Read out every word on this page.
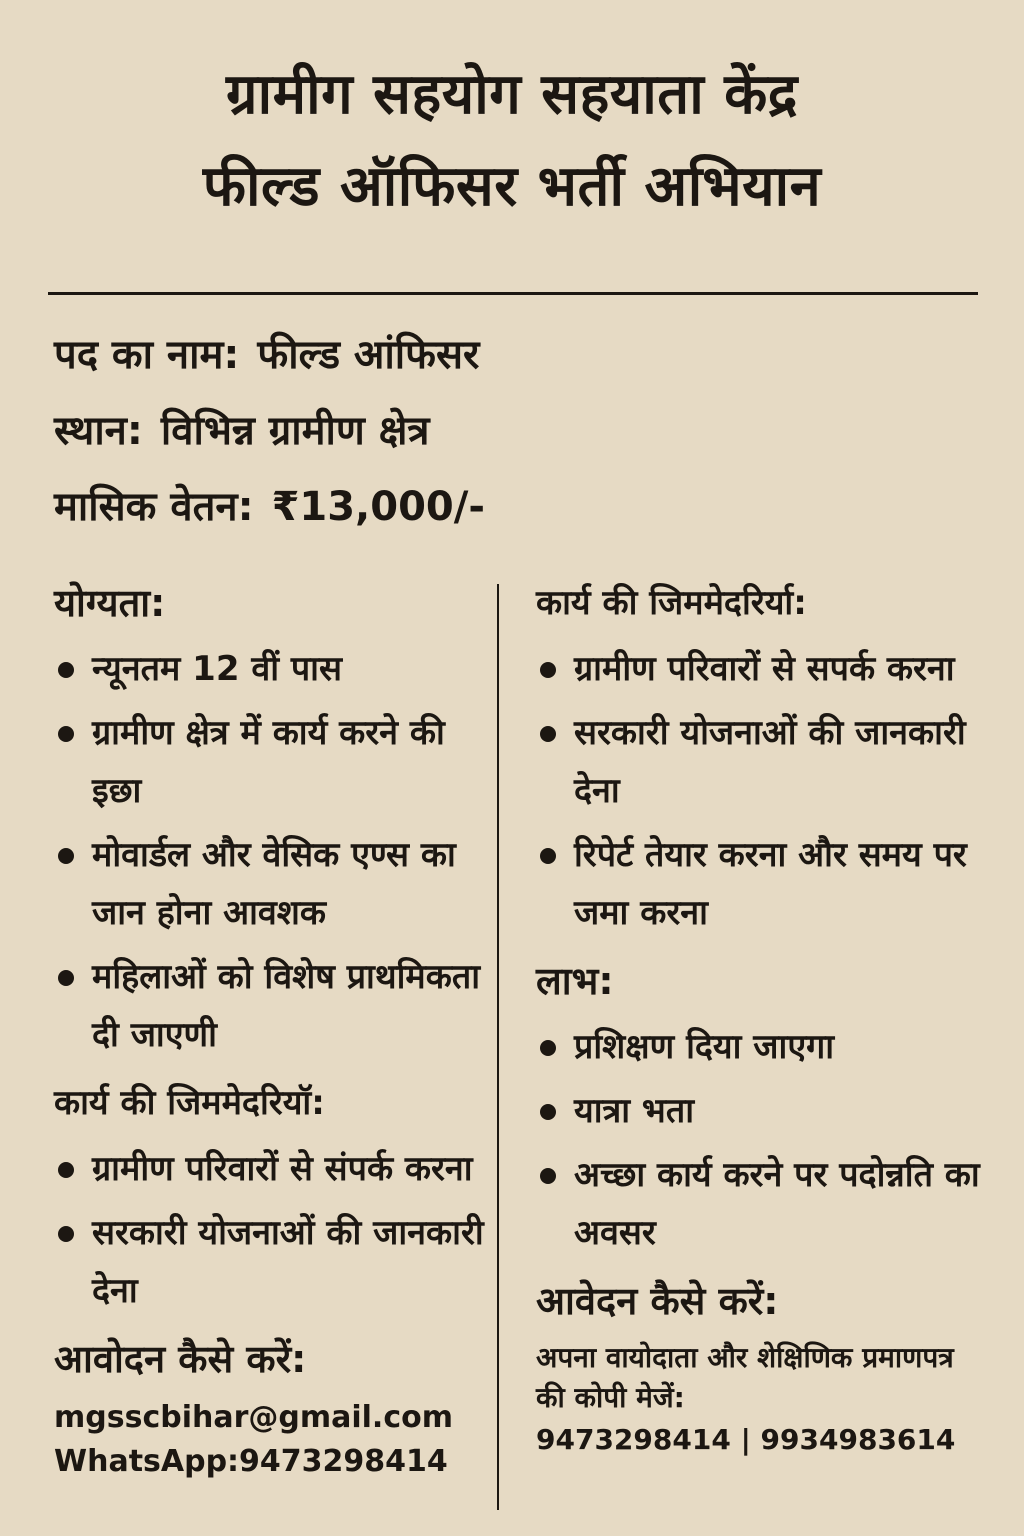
ग्रामीग सहयोग सहयाता केंद्र
फील्ड ऑफिसर भर्ती अभियान
पद का नाम: फील्ड आंफिसर
स्थान: विभिन्न ग्रामीण क्षेत्र
मासिक वेतन: ₹13,000/-
योग्यता:
न्यूनतम 12 वीं पास
ग्रामीण क्षेत्र में कार्य करने की इछा
मोवार्डल और वेसिक एण्स का जान होना आवशक
महिलाओं को विशेष प्राथमिकता दी जाएणी
कार्य की जिममेदरियॉ:
ग्रामीण परिवारों से संपर्क करना
सरकारी योजनाओं की जानकारी देना
आवोदन कैसे करें:
mgsscbihar@gmail.com
WhatsApp:9473298414
कार्य की जिममेदरिर्या:
ग्रामीण परिवारों से सपर्क करना
सरकारी योजनाओं की जानकारी देना
रिपेर्ट तेयार करना और समय पर जमा करना
लाभ:
प्रशिक्षण दिया जाएगा
यात्रा भता
अच्छा कार्य करने पर पदोन्नति का अवसर
आवेदन कैसे करें:
अपना वायोदाता और शेक्षिणिक प्रमाणपत्र की कोपी मेजें:
9473298414 | 9934983614
